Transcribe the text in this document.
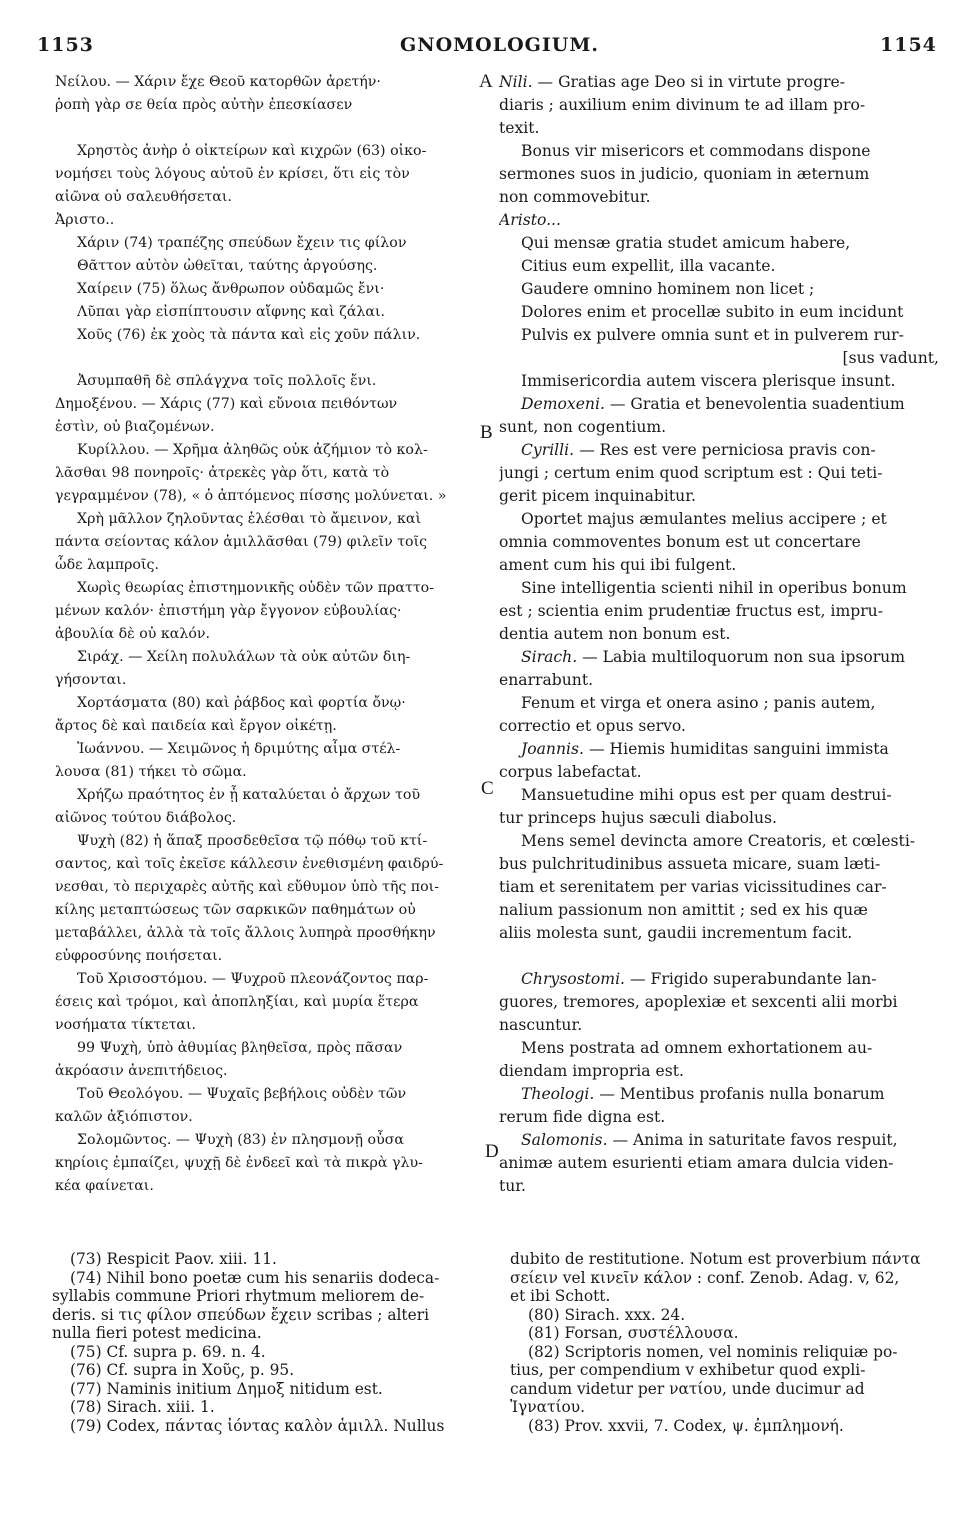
1153	GNOMOLOGIUM.	1154
A
B
C
D
Νείλου. — Χάριν ἔχε Θεοῦ κατορθῶν ἀρετήν·
ῥοπὴ γὰρ σε θεία πρὸς αὐτὴν ἐπεσκίασεν
Χρηστὸς ἀνὴρ ὁ οἰκτείρων καὶ κιχρῶν (63) οἰκο-
νομήσει τοὺς λόγους αὐτοῦ ἐν κρίσει, ὅτι εἰς τὸν
αἰῶνα οὐ σαλευθήσεται.
Ἀριστο..
Χάριν (74) τραπέζης σπεύδων ἔχειν τις φίλον
Θᾶττον αὐτὸν ὠθεῖται, ταύτης ἀργούσης.
Χαίρειν (75) ὅλως ἄνθρωπον οὐδαμῶς ἔνι·
Λῦπαι γὰρ εἰσπίπτουσιν αἴφνης καὶ ζάλαι.
Χοῦς (76) ἐκ χοὸς τὰ πάντα καὶ εἰς χοῦν πάλιν.
Ἀσυμπαθῆ δὲ σπλάγχνα τοῖς πολλοῖς ἔνι.
Δημοξένου. — Χάρις (77) καὶ εὔνοια πειθόντων
ἐστὶν, οὐ βιαζομένων.
Κυρίλλου. — Χρῆμα ἀληθῶς οὐκ ἀζήμιον τὸ κολ-
λᾶσθαι 98 πονηροῖς· ἀτρεκὲς γὰρ ὅτι, κατὰ τὸ
γεγραμμένον (78), « ὁ ἁπτόμενος πίσσης μολύνεται. »
Χρὴ μᾶλλον ζηλοῦντας ἑλέσθαι τὸ ἄμεινον, καὶ
πάντα σείοντας κάλον ἁμιλλᾶσθαι (79) φιλεῖν τοῖς
ὧδε λαμπροῖς.
Χωρὶς θεωρίας ἐπιστημονικῆς οὐδὲν τῶν πραττο-
μένων καλόν· ἐπιστήμη γὰρ ἔγγονον εὐβουλίας·
ἀβουλία δὲ οὐ καλόν.
Σιράχ. — Χείλη πολυλάλων τὰ οὐκ αὐτῶν διη-
γήσονται.
Χορτάσματα (80) καὶ ῥάβδος καὶ φορτία ὄνῳ·
ἄρτος δὲ καὶ παιδεία καὶ ἔργον οἰκέτῃ.
Ἰωάννου. — Χειμῶνος ἡ δριμύτης αἷμα στέλ-
λουσα (81) τήκει τὸ σῶμα.
Χρήζω πραότητος ἐν ᾗ καταλύεται ὁ ἄρχων τοῦ
αἰῶνος τούτου διάβολος.
Ψυχὴ (82) ἡ ἅπαξ προσδεθεῖσα τῷ πόθῳ τοῦ κτί-
σαντος, καὶ τοῖς ἐκεῖσε κάλλεσιν ἐνεθισμένη φαιδρύ-
νεσθαι, τὸ περιχαρὲς αὐτῆς καὶ εὔθυμον ὑπὸ τῆς ποι-
κίλης μεταπτώσεως τῶν σαρκικῶν παθημάτων οὐ
μεταβάλλει, ἀλλὰ τὰ τοῖς ἄλλοις λυπηρὰ προσθήκην
εὐφροσύνης ποιήσεται.
Τοῦ Χρισοστόμου. — Ψυχροῦ πλεονάζοντος παρ-
έσεις καὶ τρόμοι, καὶ ἀποπληξίαι, καὶ μυρία ἕτερα
νοσήματα τίκτεται.
99 Ψυχὴ, ὑπὸ ἀθυμίας βληθεῖσα, πρὸς πᾶσαν
ἀκρόασιν ἀνεπιτήδειος.
Τοῦ Θεολόγου. — Ψυχαῖς βεβήλοις οὐδὲν τῶν
καλῶν ἀξιόπιστον.
Σολομῶντος. — Ψυχὴ (83) ἐν πλησμονῇ οὖσα
κηρίοις ἐμπαίζει, ψυχῇ δὲ ἐνδεεῖ καὶ τὰ πικρὰ γλυ-
κέα φαίνεται.
Nili. — Gratias age Deo si in virtute progre-
diaris ; auxilium enim divinum te ad illam pro-
texit.
Bonus vir misericors et commodans dispone
sermones suos in judicio, quoniam in æternum
non commovebitur.
Aristo...
Qui mensæ gratia studet amicum habere,
Citius eum expellit, illa vacante.
Gaudere omnino hominem non licet ;
Dolores enim et procellæ subito in eum incidunt
Pulvis ex pulvere omnia sunt et in pulverem rur-
[sus vadunt,
Immisericordia autem viscera plerisque insunt.
Demoxeni. — Gratia et benevolentia suadentium
sunt, non cogentium.
Cyrilli. — Res est vere perniciosa pravis con-
jungi ; certum enim quod scriptum est : Qui teti-
gerit picem inquinabitur.
Oportet majus æmulantes melius accipere ; et
omnia commoventes bonum est ut concertare
ament cum his qui ibi fulgent.
Sine intelligentia scienti nihil in operibus bonum
est ; scientia enim prudentiæ fructus est, impru-
dentia autem non bonum est.
Sirach. — Labia multiloquorum non sua ipsorum
enarrabunt.
Fenum et virga et onera asino ; panis autem,
correctio et opus servo.
Joannis. — Hiemis humiditas sanguini immista
corpus labefactat.
Mansuetudine mihi opus est per quam destrui-
tur princeps hujus sæculi diabolus.
Mens semel devincta amore Creatoris, et cœlesti-
bus pulchritudinibus assueta micare, suam læti-
tiam et serenitatem per varias vicissitudines car-
nalium passionum non amittit ; sed ex his quæ
aliis molesta sunt, gaudii incrementum facit.
Chrysostomi. — Frigido superabundante lan-
guores, tremores, apoplexiæ et sexcenti alii morbi
nascuntur.
Mens postrata ad omnem exhortationem au-
diendam impropria est.
Theologi. — Mentibus profanis nulla bonarum
rerum fide digna est.
Salomonis. — Anima in saturitate favos respuit,
animæ autem esurienti etiam amara dulcia viden-
tur.
(73) Respicit Paov. xiii. 11.
(74) Nihil bono poetæ cum his senariis dodeca-
syllabis commune Priori rhytmum meliorem de-
deris. si τις φίλον σπεύδων ἔχειν scribas ; alteri
nulla fieri potest medicina.
(75) Cf. supra p. 69. n. 4.
(76) Cf. supra in Χοῦς, p. 95.
(77) Naminis initium Δημοξ nitidum est.
(78) Sirach. xiii. 1.
(79) Codex, πάντας ἰόντας καλὸν ἁμιλλ. Nullus
dubito de restitutione. Notum est proverbium πάντα
σείειν vel κινεῖν κάλον : conf. Zenob. Adag. v, 62,
et ibi Schott.
(80) Sirach. xxx. 24.
(81) Forsan, συστέλλουσα.
(82) Scriptoris nomen, vel nominis reliquiæ po-
tius, per compendium v exhibetur quod expli-
candum videtur per νατίου, unde ducimur ad
Ἰγνατίου.
(83) Prov. xxvii, 7. Codex, ψ. ἐμπλημονή.
